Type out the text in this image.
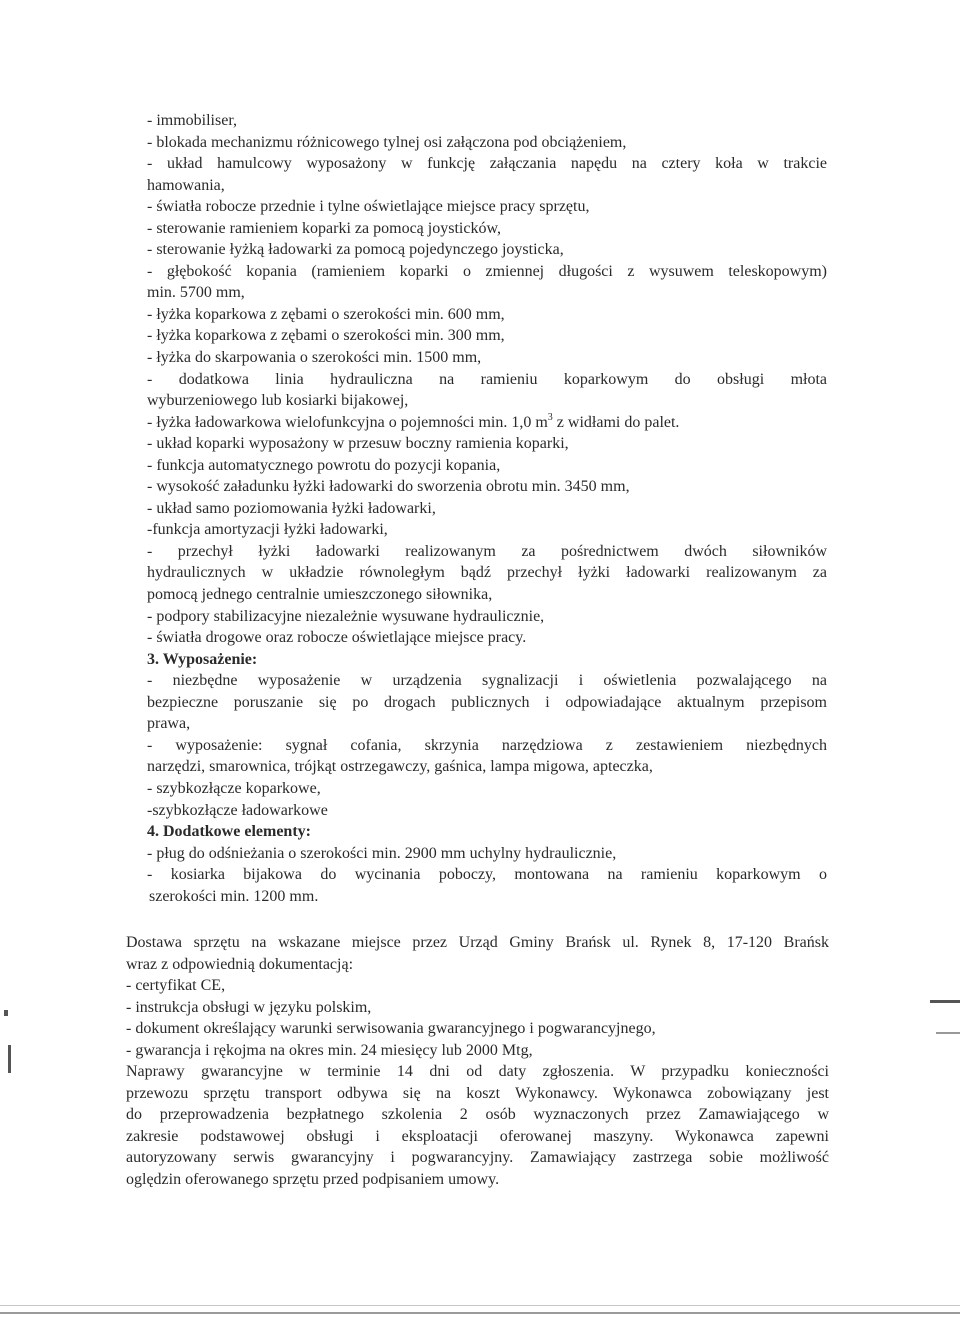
- immobiliser,
- blokada mechanizmu różnicowego tylnej osi załączona pod obciążeniem,
- układ hamulcowy wyposażony w funkcję załączania napędu na cztery koła w trakcie
hamowania,
- światła robocze przednie i tylne oświetlające miejsce pracy sprzętu,
- sterowanie ramieniem koparki za pomocą joysticków,
- sterowanie łyżką ładowarki za pomocą pojedynczego joysticka,
- głębokość kopania (ramieniem koparki o zmiennej długości z wysuwem teleskopowym)
min. 5700 mm,
- łyżka koparkowa z zębami o szerokości min. 600 mm,
- łyżka koparkowa z zębami o szerokości min. 300 mm,
- łyżka do skarpowania o szerokości min. 1500 mm,
- dodatkowa linia hydrauliczna na ramieniu koparkowym do obsługi młota
wyburzeniowego lub kosiarki bijakowej,
- łyżka ładowarkowa wielofunkcyjna o pojemności min. 1,0 $m^3$ z widłami do palet.
- układ koparki wyposażony w przesuw boczny ramienia koparki,
- funkcja automatycznego powrotu do pozycji kopania,
- wysokość załadunku łyżki ładowarki do sworzenia obrotu min. 3450 mm,
- układ samo poziomowania łyżki ładowarki,
-funkcja amortyzacji łyżki ładowarki,
- przechył łyżki ładowarki realizowanym za pośrednictwem dwóch siłowników
hydraulicznych w układzie równoległym bądź przechył łyżki ładowarki realizowanym za
pomocą jednego centralnie umieszczonego siłownika,
- podpory stabilizacyjne niezależnie wysuwane hydraulicznie,
- światła drogowe oraz robocze oświetlające miejsce pracy.
3. Wyposażenie:
- niezbędne wyposażenie w urządzenia sygnalizacji i oświetlenia pozwalającego na
bezpieczne poruszanie się po drogach publicznych i odpowiadające aktualnym przepisom
prawa,
- wyposażenie: sygnał cofania, skrzynia narzędziowa z zestawieniem niezbędnych
narzędzi, smarownica, trójkąt ostrzegawczy, gaśnica, lampa migowa, apteczka,
- szybkozłącze koparkowe,
-szybkozłącze ładowarkowe
4. Dodatkowe elementy:
- pług do odśnieżania o szerokości min. 2900 mm uchylny hydraulicznie,
- kosiarka bijakowa do wycinania poboczy, montowana na ramieniu koparkowym o
szerokości min. 1200 mm.
Dostawa sprzętu na wskazane miejsce przez Urząd Gminy Brańsk ul. Rynek 8, 17-120 Brańsk
wraz z odpowiednią dokumentacją:
- certyfikat CE,
- instrukcja obsługi w języku polskim,
- dokument określający warunki serwisowania gwarancyjnego i pogwarancyjnego,
- gwarancja i rękojma na okres min. 24 miesięcy lub 2000 Mtg,
Naprawy gwarancyjne w terminie 14 dni od daty zgłoszenia. W przypadku konieczności
przewozu sprzętu transport odbywa się na koszt Wykonawcy. Wykonawca zobowiązany jest
do przeprowadzenia bezpłatnego szkolenia 2 osób wyznaczonych przez Zamawiającego w
zakresie podstawowej obsługi i eksploatacji oferowanej maszyny. Wykonawca zapewni
autoryzowany serwis gwarancyjny i pogwarancyjny. Zamawiający zastrzega sobie możliwość
oględzin oferowanego sprzętu przed podpisaniem umowy.
